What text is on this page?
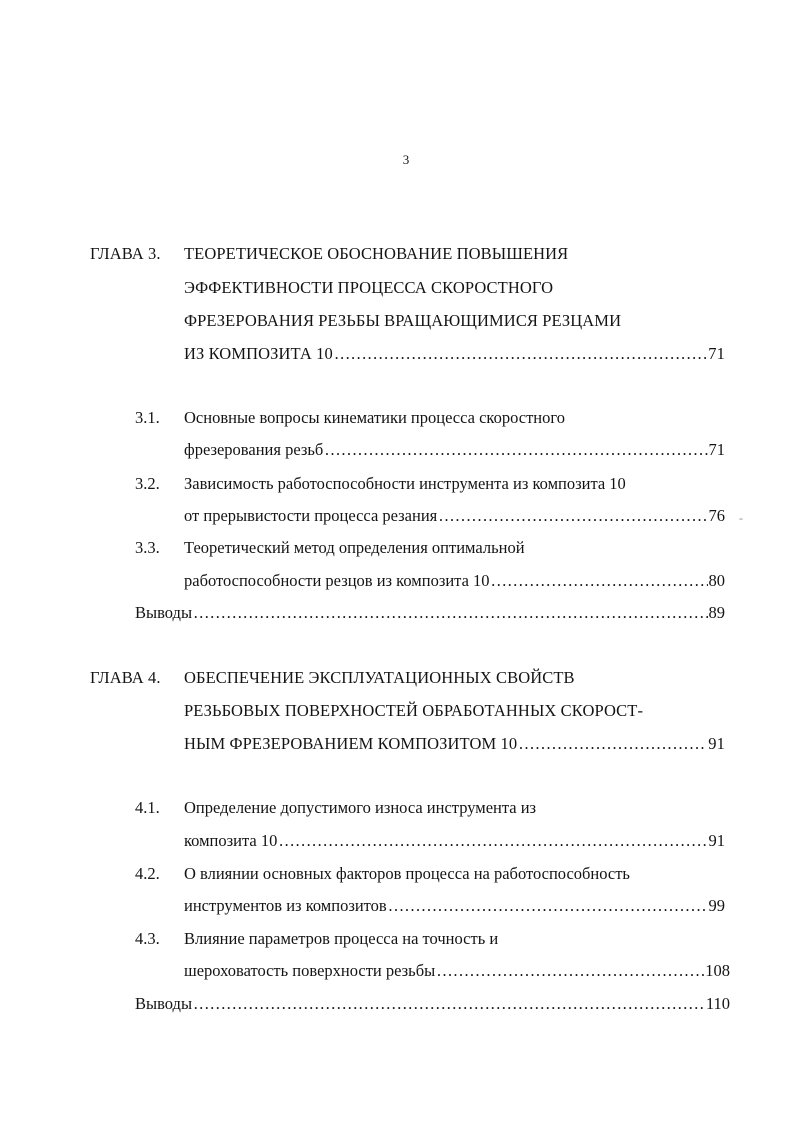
3
ГЛАВА 3. ТЕОРЕТИЧЕСКОЕ ОБОСНОВАНИЕ ПОВЫШЕНИЯ
ЭФФЕКТИВНОСТИ ПРОЦЕССА СКОРОСТНОГО
ФРЕЗЕРОВАНИЯ РЕЗЬБЫ ВРАЩАЮЩИМИСЯ РЕЗЦАМИ
ИЗ КОМПОЗИТА 10 ……………………………………………………………………………………………………………………………………………………………	71
3.1. Основные вопросы кинематики процесса скоростного
фрезерования резьб ……………………………………………………………………………………………………………………………………………………………	71
3.2. Зависимость работоспособности инструмента из композита 10
от прерывистости процесса резания ……………………………………………………………………………………………………………………………………………………………	76
3.3. Теоретический метод определения оптимальной
работоспособности резцов из композита 10 ……………………………………………………………………………………………………………………………………………………………	80
Выводы ……………………………………………………………………………………………………………………………………………………………	89
-
ГЛАВА 4. ОБЕСПЕЧЕНИЕ ЭКСПЛУАТАЦИОННЫХ СВОЙСТВ
РЕЗЬБОВЫХ ПОВЕРХНОСТЕЙ ОБРАБОТАННЫХ СКОРОСТ-
НЫМ ФРЕЗЕРОВАНИЕМ КОМПОЗИТОМ 10 ……………………………………………………………………………………………………………………………………………………………	91
4.1. Определение допустимого износа инструмента из
композита 10 ……………………………………………………………………………………………………………………………………………………………	91
4.2. О влиянии основных факторов процесса на работоспособность
инструментов из композитов ……………………………………………………………………………………………………………………………………………………………	99
4.3. Влияние параметров процесса на точность и
шероховатость поверхности резьбы ……………………………………………………………………………………………………………………………………………………………	108
Выводы ……………………………………………………………………………………………………………………………………………………………	110
